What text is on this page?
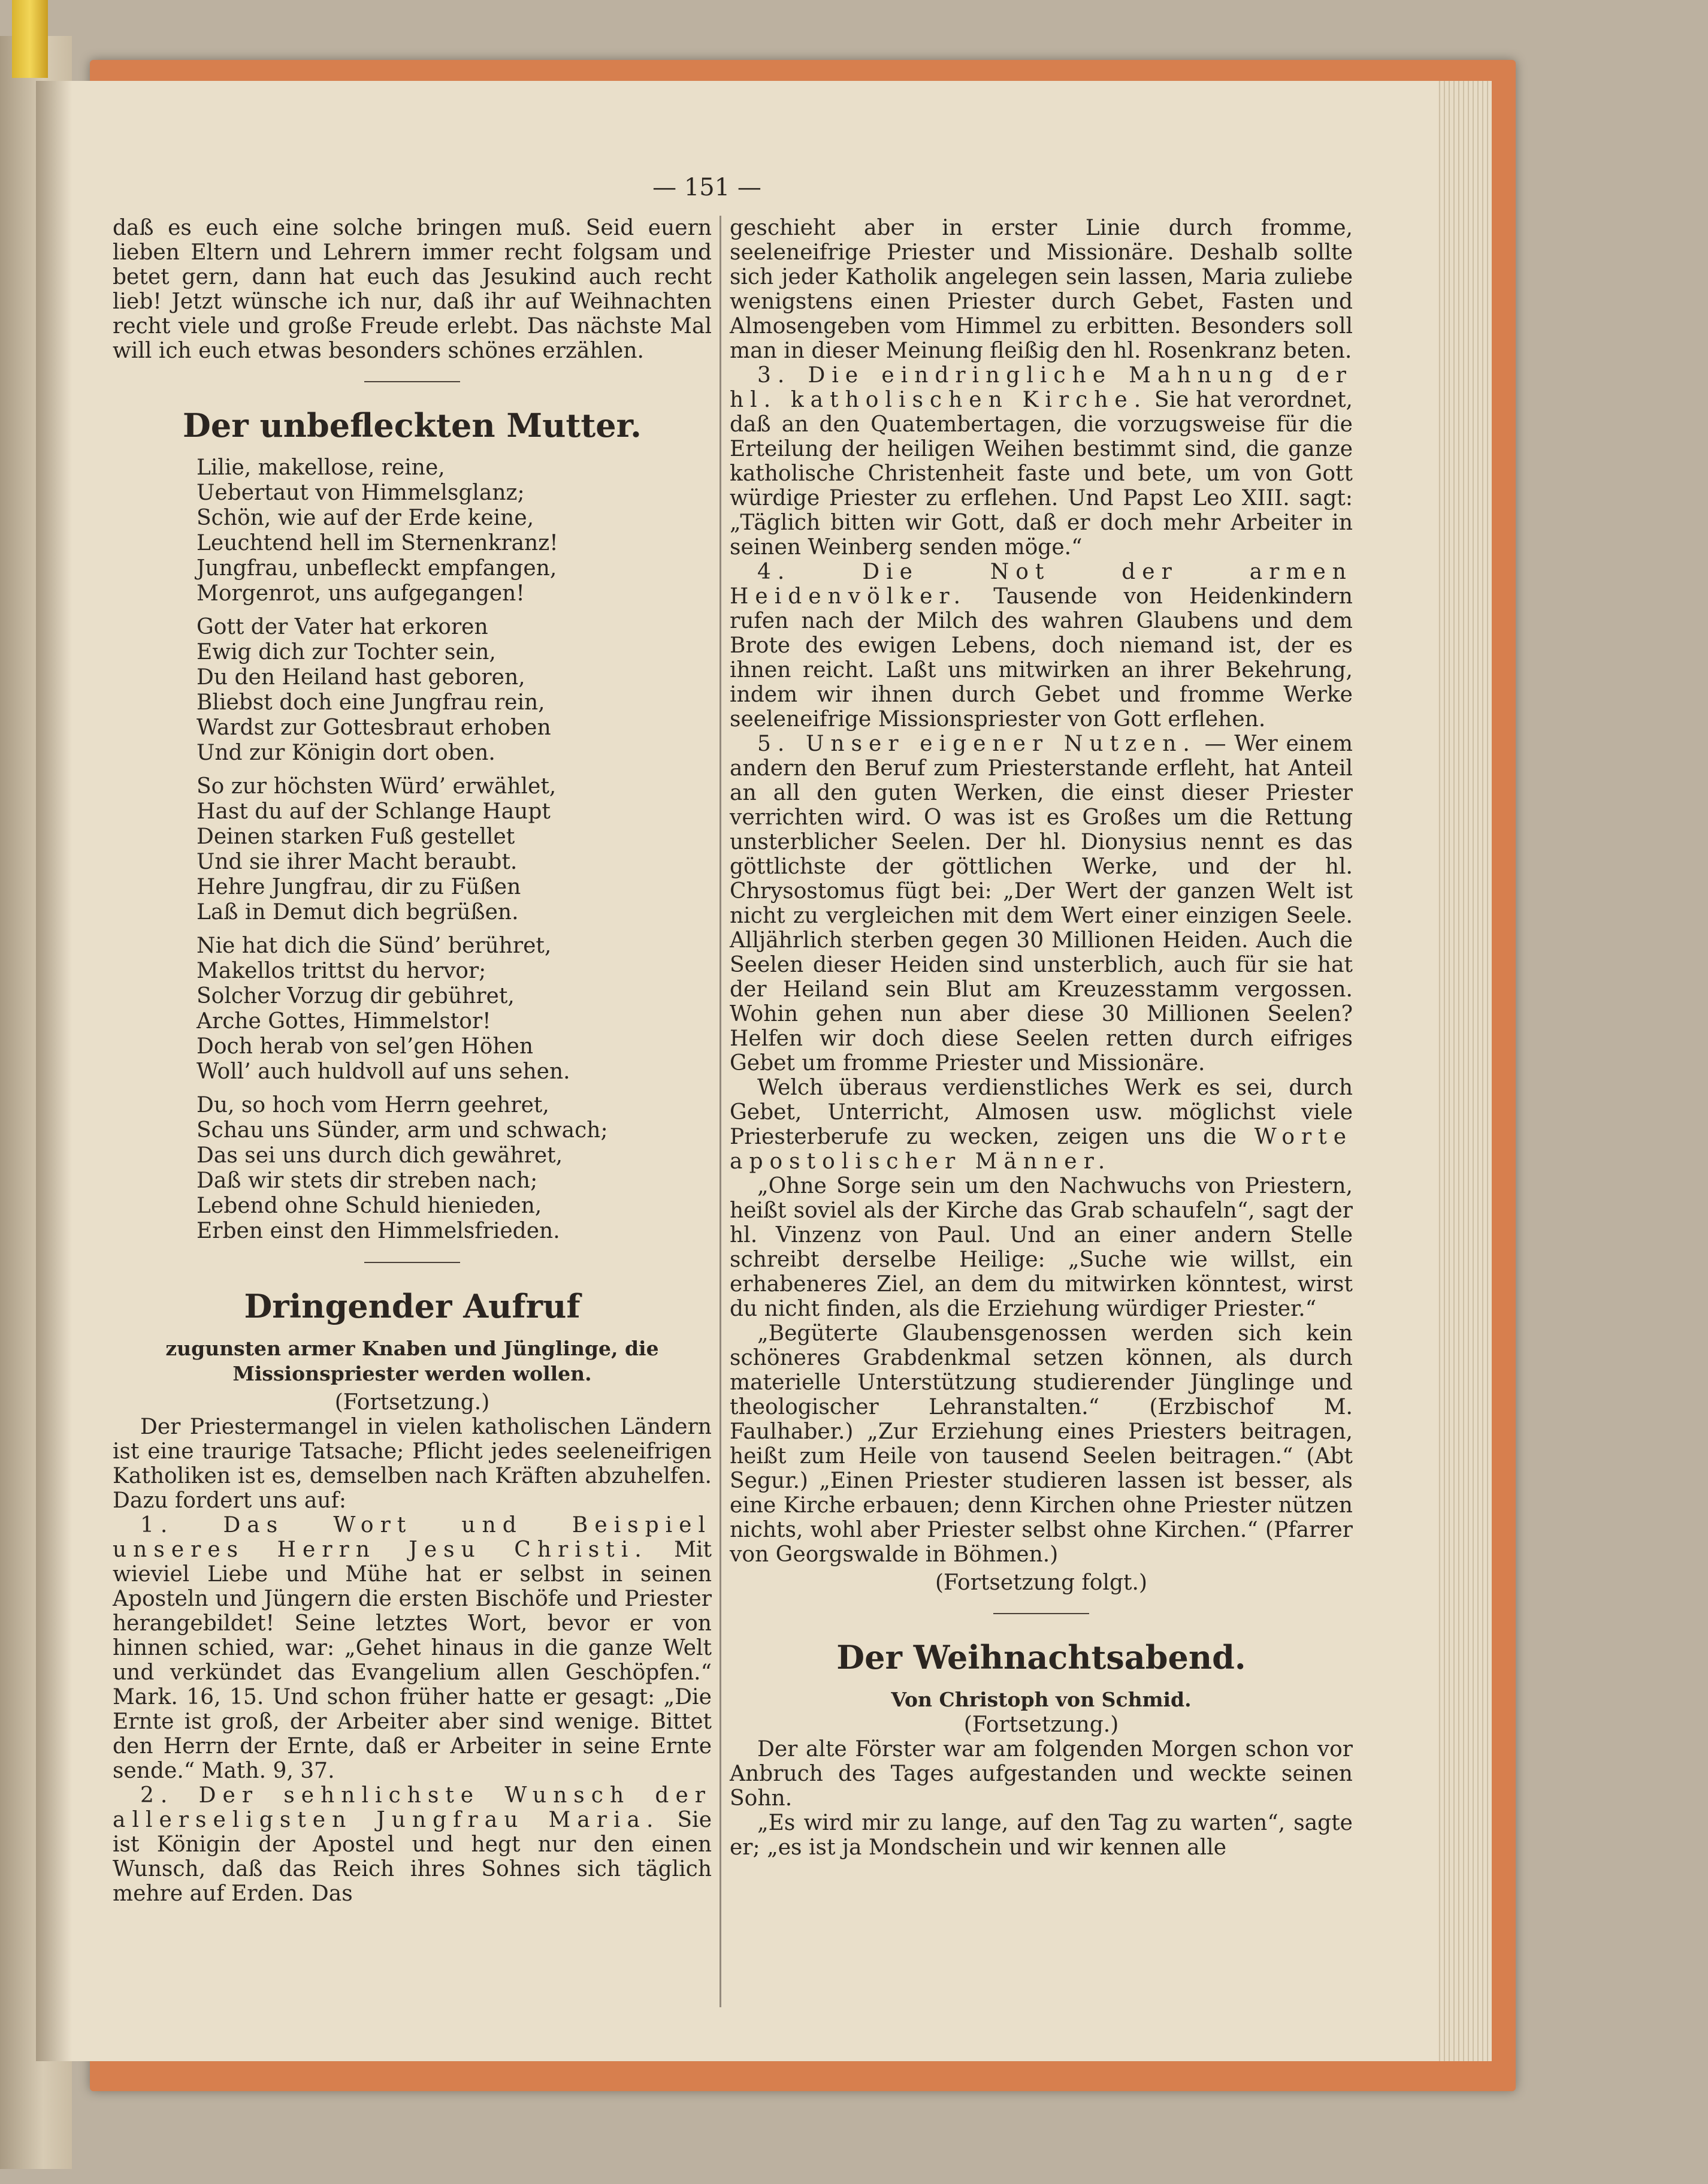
— 151 —

daß es euch eine solche bringen muß. Seid euern lieben Eltern und Lehrern immer recht folgsam und betet gern, dann hat euch das Jesukind auch recht lieb! Jetzt wünsche ich nur, daß ihr auf Weihnachten recht viele und große Freude erlebt. Das nächste Mal will ich euch etwas besonders schönes erzählen.

Der unbefleckten Mutter.
Lilie, makellose, reine,
Uebertaut von Himmelsglanz;
Schön, wie auf der Erde keine,
Leuchtend hell im Sternenkranz!
Jungfrau, unbefleckt empfangen,
Morgenrot, uns aufgegangen!
Gott der Vater hat erkoren
Ewig dich zur Tochter sein,
Du den Heiland hast geboren,
Bliebst doch eine Jungfrau rein,
Wardst zur Gottesbraut erhoben
Und zur Königin dort oben.
So zur höchsten Würd’ erwählet,
Hast du auf der Schlange Haupt
Deinen starken Fuß gestellet
Und sie ihrer Macht beraubt.
Hehre Jungfrau, dir zu Füßen
Laß in Demut dich begrüßen.
Nie hat dich die Sünd’ berühret,
Makellos trittst du hervor;
Solcher Vorzug dir gebühret,
Arche Gottes, Himmelstor!
Doch herab von sel’gen Höhen
Woll’ auch huldvoll auf uns sehen.
Du, so hoch vom Herrn geehret,
Schau uns Sünder, arm und schwach;
Das sei uns durch dich gewähret,
Daß wir stets dir streben nach;
Lebend ohne Schuld hienieden,
Erben einst den Himmelsfrieden.
Dringender Aufruf
zugunsten armer Knaben und Jünglinge, die Missionspriester werden wollen.

(Fortsetzung.)

Der Priestermangel in vielen katholischen Ländern ist eine traurige Tatsache; Pflicht jedes seeleneifrigen Katholiken ist es, demselben nach Kräften abzuhelfen. Dazu fordert uns auf:

1. Das Wort und Beispiel unseres Herrn Jesu Christi. Mit wieviel Liebe und Mühe hat er selbst in seinen Aposteln und Jüngern die ersten Bischöfe und Priester herangebildet! Seine letztes Wort, bevor er von hinnen schied, war: „Gehet hinaus in die ganze Welt und verkündet das Evangelium allen Geschöpfen.“ Mark. 16, 15. Und schon früher hatte er gesagt: „Die Ernte ist groß, der Arbeiter aber sind wenige. Bittet den Herrn der Ernte, daß er Arbeiter in seine Ernte sende.“ Math. 9, 37.

2. Der sehnlichste Wunsch der allerseligsten Jungfrau Maria. Sie ist Königin der Apostel und hegt nur den einen Wunsch, daß das Reich ihres Sohnes sich täglich mehre auf Erden. Das

geschieht aber in erster Linie durch fromme, seeleneifrige Priester und Missionäre. Deshalb sollte sich jeder Katholik angelegen sein lassen, Maria zuliebe wenigstens einen Priester durch Gebet, Fasten und Almosengeben vom Himmel zu erbitten. Besonders soll man in dieser Meinung fleißig den hl. Rosenkranz beten.

3. Die eindringliche Mahnung der hl. katholischen Kirche. Sie hat verordnet, daß an den Quatembertagen, die vorzugsweise für die Erteilung der heiligen Weihen bestimmt sind, die ganze katholische Christenheit faste und bete, um von Gott würdige Priester zu erflehen. Und Papst Leo XIII. sagt: „Täglich bitten wir Gott, daß er doch mehr Arbeiter in seinen Weinberg senden möge.“

4. Die Not der armen Heidenvölker. Tausende von Heidenkindern rufen nach der Milch des wahren Glaubens und dem Brote des ewigen Lebens, doch niemand ist, der es ihnen reicht. Laßt uns mitwirken an ihrer Bekehrung, indem wir ihnen durch Gebet und fromme Werke seeleneifrige Missionspriester von Gott erflehen.

5. Unser eigener Nutzen. — Wer einem andern den Beruf zum Priesterstande erfleht, hat Anteil an all den guten Werken, die einst dieser Priester verrichten wird. O was ist es Großes um die Rettung unsterblicher Seelen. Der hl. Dionysius nennt es das göttlichste der göttlichen Werke, und der hl. Chrysostomus fügt bei: „Der Wert der ganzen Welt ist nicht zu vergleichen mit dem Wert einer einzigen Seele. Alljährlich sterben gegen 30 Millionen Heiden. Auch die Seelen dieser Heiden sind unsterblich, auch für sie hat der Heiland sein Blut am Kreuzesstamm vergossen. Wohin gehen nun aber diese 30 Millionen Seelen? Helfen wir doch diese Seelen retten durch eifriges Gebet um fromme Priester und Missionäre.

Welch überaus verdienstliches Werk es sei, durch Gebet, Unterricht, Almosen usw. möglichst viele Priesterberufe zu wecken, zeigen uns die Worte apostolischer Männer.

„Ohne Sorge sein um den Nachwuchs von Priestern, heißt soviel als der Kirche das Grab schaufeln“, sagt der hl. Vinzenz von Paul. Und an einer andern Stelle schreibt derselbe Heilige: „Suche wie willst, ein erhabeneres Ziel, an dem du mitwirken könntest, wirst du nicht finden, als die Erziehung würdiger Priester.“

„Begüterte Glaubensgenossen werden sich kein schöneres Grabdenkmal setzen können, als durch materielle Unterstützung studierender Jünglinge und theologischer Lehranstalten.“ (Erzbischof M. Faulhaber.) „Zur Erziehung eines Priesters beitragen, heißt zum Heile von tausend Seelen beitragen.“ (Abt Segur.) „Einen Priester studieren lassen ist besser, als eine Kirche erbauen; denn Kirchen ohne Priester nützen nichts, wohl aber Priester selbst ohne Kirchen.“ (Pfarrer von Georgswalde in Böhmen.)

(Fortsetzung folgt.)

Der Weihnachtsabend.
Von Christoph von Schmid.

(Fortsetzung.)

Der alte Förster war am folgenden Morgen schon vor Anbruch des Tages aufgestanden und weckte seinen Sohn.

„Es wird mir zu lange, auf den Tag zu warten“, sagte er; „es ist ja Mondschein und wir kennen alle
